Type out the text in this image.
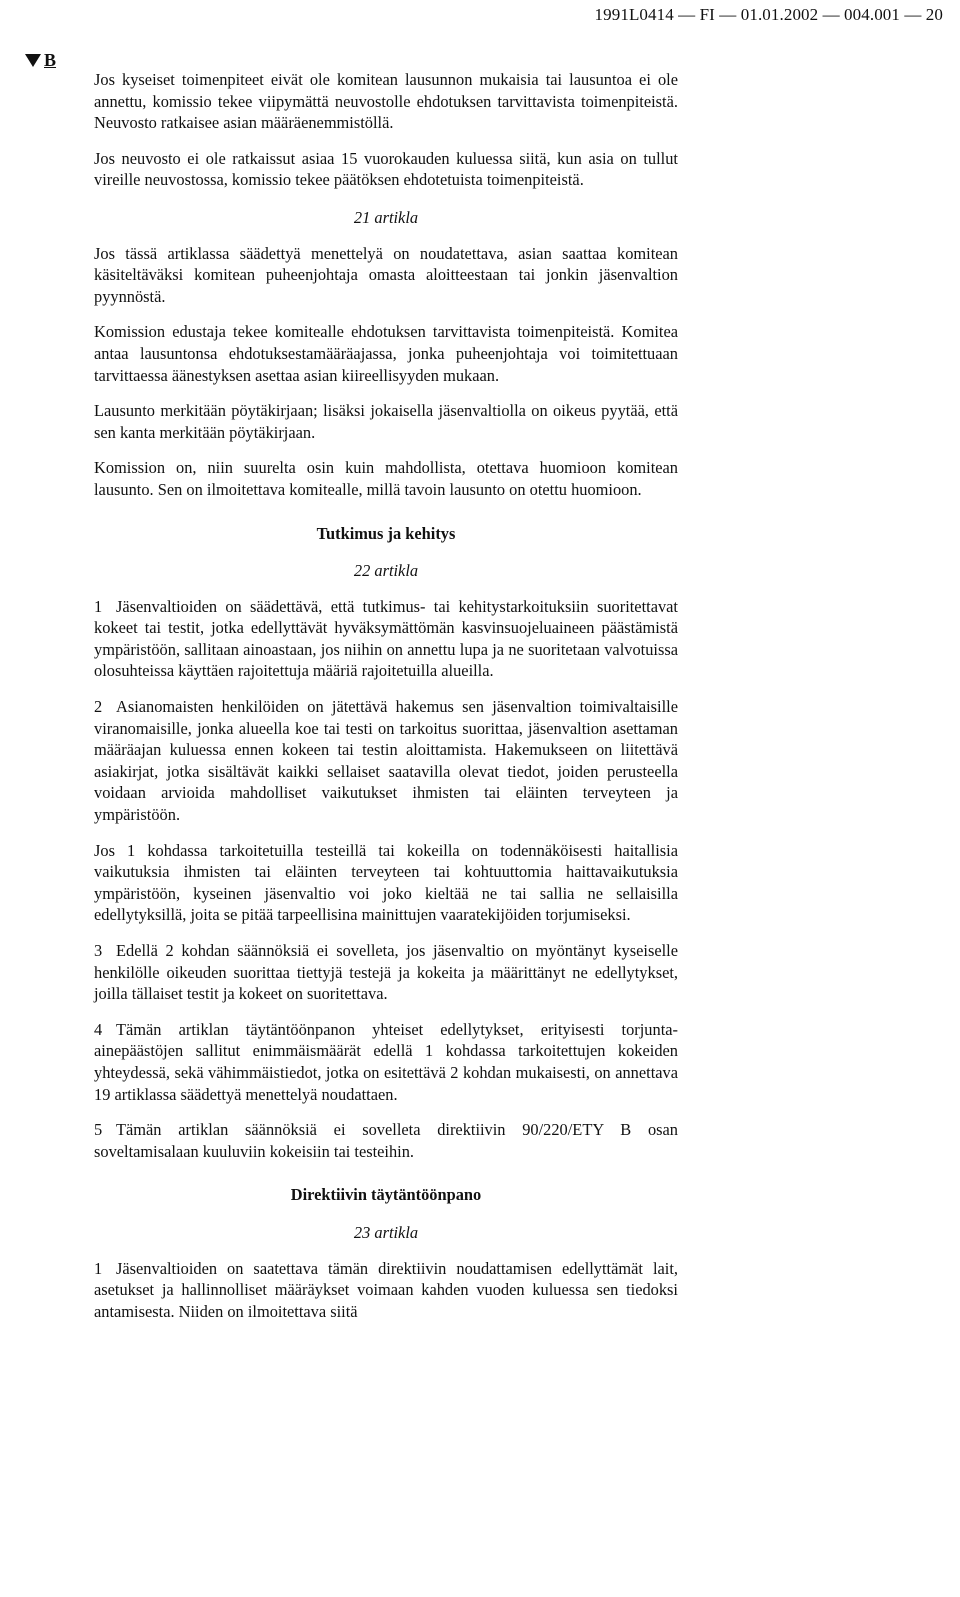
1991L0414 — FI — 01.01.2002 — 004.001 — 20
B

Jos kyseiset toimenpiteet eivät ole komitean lausunnon mukaisia tai lausuntoa ei ole annettu, komissio tekee viipymättä neuvostolle ehdotuksen tarvittavista toimenpiteistä. Neuvosto ratkaisee asian määräenemmistöllä.

Jos neuvosto ei ole ratkaissut asiaa 15 vuorokauden kuluessa siitä, kun asia on tullut vireille neuvostossa, komissio tekee päätöksen ehdotetuista toimenpiteistä.

21 artikla

Jos tässä artiklassa säädettyä menettelyä on noudatettava, asian saattaa komitean käsiteltäväksi komitean puheenjohtaja omasta aloitteestaan tai jonkin jäsenvaltion pyynnöstä.

Komission edustaja tekee komitealle ehdotuksen tarvittavista toimenpiteistä. Komitea antaa lausuntonsa ehdotuksestamääräajassa, jonka puheenjohtaja voi toimitettuaan tarvittaessa äänestyksen asettaa asian kiireellisyyden mukaan.

Lausunto merkitään pöytäkirjaan; lisäksi jokaisella jäsenvaltiolla on oikeus pyytää, että sen kanta merkitään pöytäkirjaan.

Komission on, niin suurelta osin kuin mahdollista, otettava huomioon komitean lausunto. Sen on ilmoitettava komitealle, millä tavoin lausunto on otettu huomioon.

Tutkimus ja kehitys
22 artikla

1 Jäsenvaltioiden on säädettävä, että tutkimus- tai kehitystarkoituksiin suoritettavat kokeet tai testit, jotka edellyttävät hyväksymättömän kasvinsuojeluaineen päästämistä ympäristöön, sallitaan ainoastaan, jos niihin on annettu lupa ja ne suoritetaan valvotuissa olosuhteissa käyttäen rajoitettuja määriä rajoitetuilla alueilla.

2 Asianomaisten henkilöiden on jätettävä hakemus sen jäsenvaltion toimivaltaisille viranomaisille, jonka alueella koe tai testi on tarkoitus suorittaa, jäsenvaltion asettaman määräajan kuluessa ennen kokeen tai testin aloittamista. Hakemukseen on liitettävä asiakirjat, jotka sisältävät kaikki sellaiset saatavilla olevat tiedot, joiden perusteella voidaan arvioida mahdolliset vaikutukset ihmisten tai eläinten terveyteen ja ympäristöön.

Jos 1 kohdassa tarkoitetuilla testeillä tai kokeilla on todennäköisesti haitallisia vaikutuksia ihmisten tai eläinten terveyteen tai kohtuuttomia haittavaikutuksia ympäristöön, kyseinen jäsenvaltio voi joko kieltää ne tai sallia ne sellaisilla edellytyksillä, joita se pitää tarpeellisina mainittujen vaaratekijöiden torjumiseksi.

3 Edellä 2 kohdan säännöksiä ei sovelleta, jos jäsenvaltio on myöntänyt kyseiselle henkilölle oikeuden suorittaa tiettyjä testejä ja kokeita ja määrittänyt ne edellytykset, joilla tällaiset testit ja kokeet on suoritettava.

4 Tämän artiklan täytäntöönpanon yhteiset edellytykset, erityisesti torjunta-ainepäästöjen sallitut enimmäismäärät edellä 1 kohdassa tarkoitettujen kokeiden yhteydessä, sekä vähimmäistiedot, jotka on esitettävä 2 kohdan mukaisesti, on annettava 19 artiklassa säädettyä menettelyä noudattaen.

5 Tämän artiklan säännöksiä ei sovelleta direktiivin 90/220/ETY B osan soveltamisalaan kuuluviin kokeisiin tai testeihin.

Direktiivin täytäntöönpano
23 artikla

1 Jäsenvaltioiden on saatettava tämän direktiivin noudattamisen edellyttämät lait, asetukset ja hallinnolliset määräykset voimaan kahden vuoden kuluessa sen tiedoksi antamisesta. Niiden on ilmoitettava siitä
